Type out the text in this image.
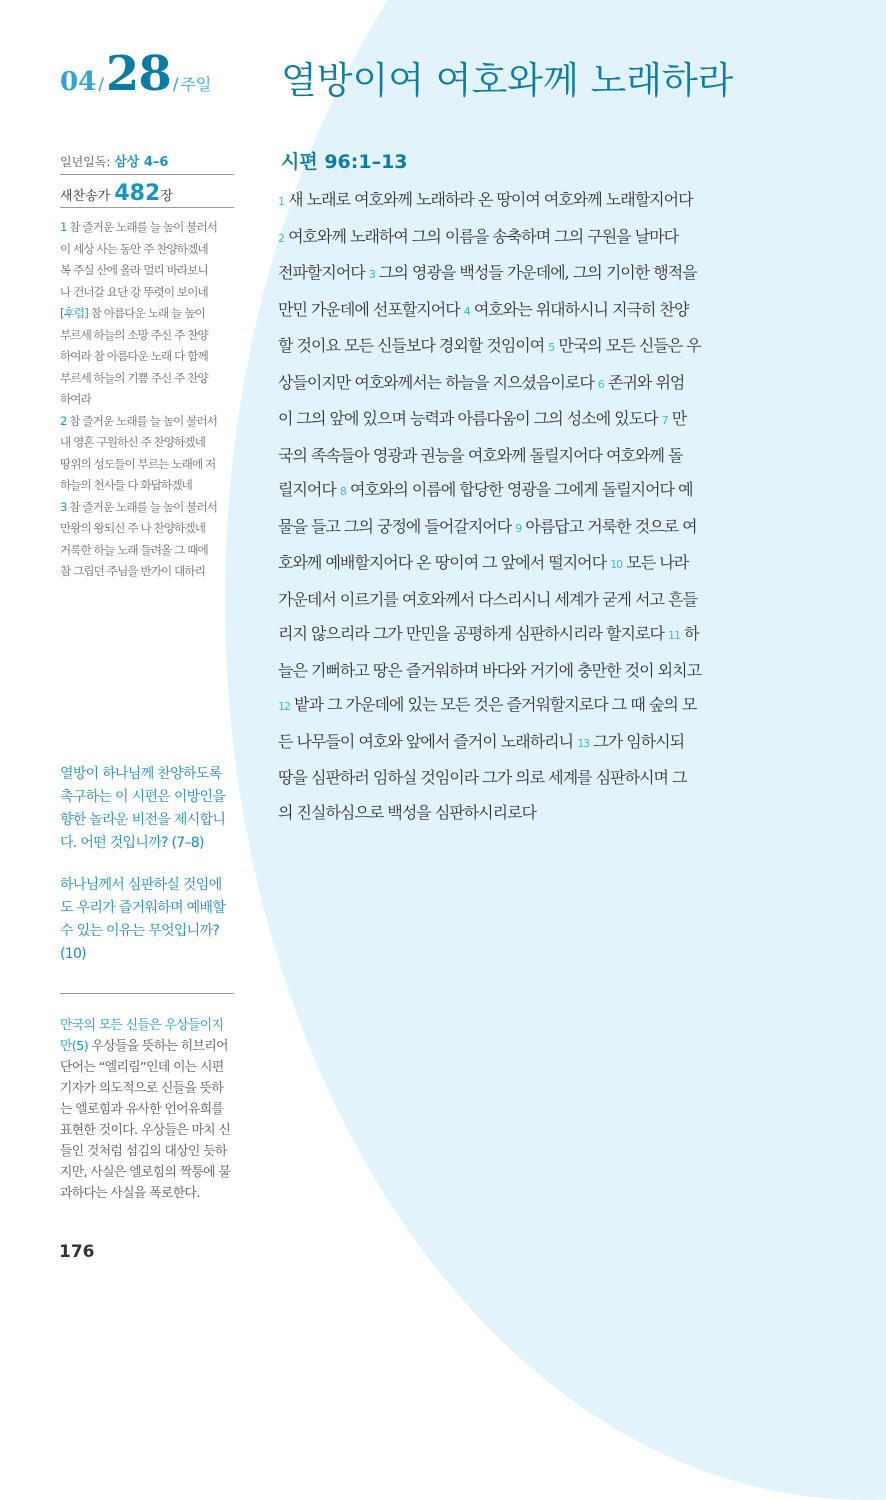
04 /28 / 주일 열방이여 여호와께 노래하라
일년일독: 삼상 4–6
새찬송가 482장
1 참 즐거운 노래를 늘 높이 불러서
이 세상 사는 동안 주 찬양하겠네
복 주실 산에 올라 멀리 바라보니
나 건너갈 요단 강 뚜렷이 보이네
[후렴] 참 아름다운 노래 늘 높이
부르세 하늘의 소망 주신 주 찬양
하여라 참 아름다운 노래 다 함께
부르세 하늘의 기쁨 주신 주 찬양
하여라
2 참 즐거운 노래를 늘 높이 불러서
내 영혼 구원하신 주 찬양하겠네
땅위의 성도들이 부르는 노래에 저
하늘의 천사들 다 화답하겠네
3 참 즐거운 노래를 늘 높이 불러서
만왕의 왕되신 주 나 찬양하겠네
거룩한 하늘 노래 들려올 그 때에
참 그립던 주님을 반가이 대하리
열방이 하나님께 찬양하도록 촉구하는 이 시편은 이방인을 향한 놀라운 비전을 제시합니다. 어떤 것입니까? (7–8)
하나님께서 심판하실 것임에도 우리가 즐거워하며 예배할 수 있는 이유는 무엇입니까? (10)
만국의 모든 신들은 우상들이지만(5) 우상들을 뜻하는 히브리어 단어는 “엘리림”인데 이는 시편 기자가 의도적으로 신들을 뜻하는 엘로힘과 유사한 언어유희를 표현한 것이다. 우상들은 마치 신들인 것처럼 섬김의 대상인 듯하지만, 사실은 엘로힘의 짝퉁에 불과하다는 사실을 폭로한다.
176
시편 96:1–13
1 새 노래로 여호와께 노래하라 온 땅이여 여호와께 노래할지어다
2 여호와께 노래하여 그의 이름을 송축하며 그의 구원을 날마다
전파할지어다 3 그의 영광을 백성들 가운데에, 그의 기이한 행적을
만민 가운데에 선포할지어다 4 여호와는 위대하시니 지극히 찬양
할 것이요 모든 신들보다 경외할 것임이여 5 만국의 모든 신들은 우
상들이지만 여호와께서는 하늘을 지으셨음이로다 6 존귀와 위엄
이 그의 앞에 있으며 능력과 아름다움이 그의 성소에 있도다 7 만
국의 족속들아 영광과 권능을 여호와께 돌릴지어다 여호와께 돌
릴지어다 8 여호와의 이름에 합당한 영광을 그에게 돌릴지어다 예
물을 들고 그의 궁정에 들어갈지어다 9 아름답고 거룩한 것으로 여
호와께 예배할지어다 온 땅이여 그 앞에서 떨지어다 10 모든 나라
가운데서 이르기를 여호와께서 다스리시니 세계가 굳게 서고 흔들
리지 않으리라 그가 만민을 공평하게 심판하시리라 할지로다 11 하
늘은 기뻐하고 땅은 즐거워하며 바다와 거기에 충만한 것이 외치고
12 밭과 그 가운데에 있는 모든 것은 즐거워할지로다 그 때 숲의 모
든 나무들이 여호와 앞에서 즐거이 노래하리니 13 그가 임하시되
땅을 심판하러 임하실 것임이라 그가 의로 세계를 심판하시며 그
의 진실하심으로 백성을 심판하시리로다
